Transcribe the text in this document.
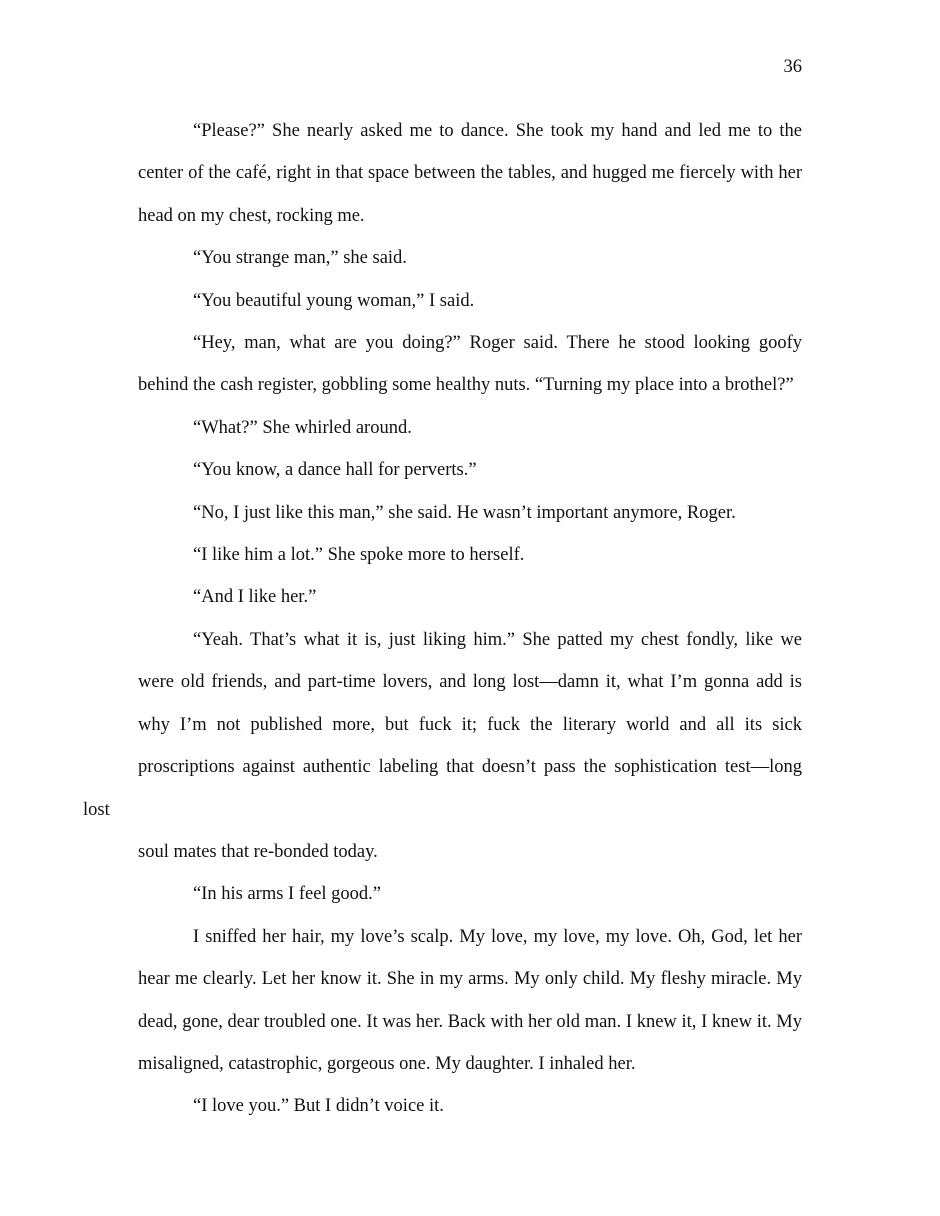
36

“Please?” She nearly asked me to dance. She took my hand and led me to the
center of the café, right in that space between the tables, and hugged me fiercely with her
head on my chest, rocking me.

“You strange man,” she said.

“You beautiful young woman,” I said.

“Hey, man, what are you doing?” Roger said. There he stood looking goofy
behind the cash register, gobbling some healthy nuts. “Turning my place into a brothel?”

“What?” She whirled around.

“You know, a dance hall for perverts.”

“No, I just like this man,” she said. He wasn’t important anymore, Roger.

“I like him a lot.” She spoke more to herself.

“And I like her.”

“Yeah. That’s what it is, just liking him.” She patted my chest fondly, like we
were old friends, and part-time lovers, and long lost—damn it, what I’m gonna add is
why I’m not published more, but fuck it; fuck the literary world and all its sick
proscriptions against authentic labeling that doesn’t pass the sophistication test—long lost
soul mates that re-bonded today.

“In his arms I feel good.”

I sniffed her hair, my love’s scalp. My love, my love, my love. Oh, God, let her
hear me clearly. Let her know it. She in my arms. My only child. My fleshy miracle. My
dead, gone, dear troubled one. It was her. Back with her old man. I knew it, I knew it. My
misaligned, catastrophic, gorgeous one. My daughter. I inhaled her.

“I love you.” But I didn’t voice it.
